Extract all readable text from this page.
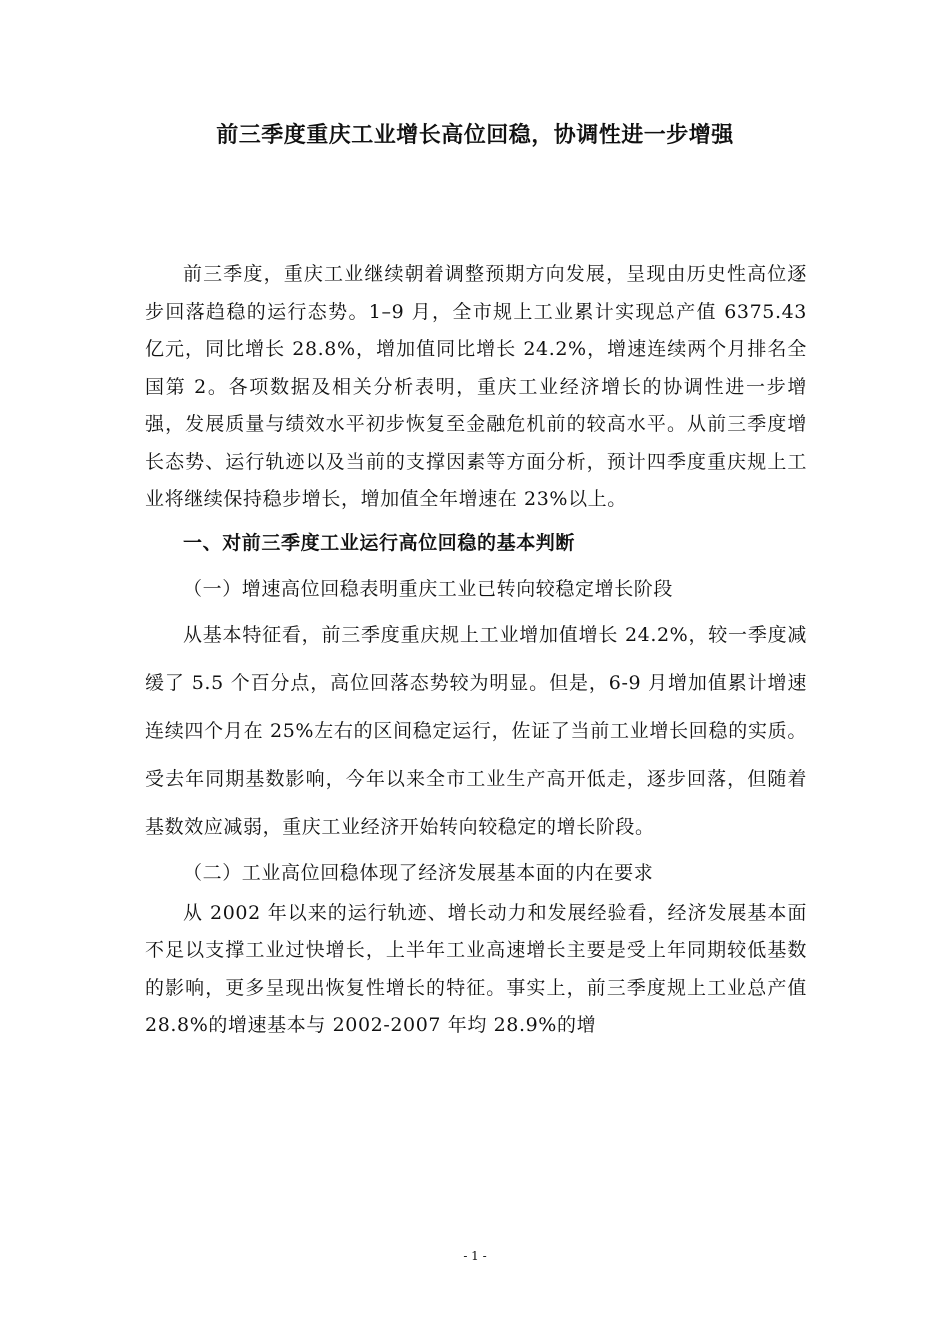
前三季度重庆工业增长高位回稳，协调性进一步增强

前三季度，重庆工业继续朝着调整预期方向发展，呈现由历史性高位逐步回落趋稳的运行态势。1–9 月，全市规上工业累计实现总产值 6375.43 亿元，同比增长 28.8%，增加值同比增长 24.2%，增速连续两个月排名全国第 2。各项数据及相关分析表明，重庆工业经济增长的协调性进一步增强，发展质量与绩效水平初步恢复至金融危机前的较高水平。从前三季度增长态势、运行轨迹以及当前的支撑因素等方面分析，预计四季度重庆规上工业将继续保持稳步增长，增加值全年增速在 23%以上。

一、对前三季度工业运行高位回稳的基本判断

（一）增速高位回稳表明重庆工业已转向较稳定增长阶段

从基本特征看，前三季度重庆规上工业增加值增长 24.2%，较一季度减缓了 5.5 个百分点，高位回落态势较为明显。但是，6-9 月增加值累计增速连续四个月在 25%左右的区间稳定运行，佐证了当前工业增长回稳的实质。受去年同期基数影响，今年以来全市工业生产高开低走，逐步回落，但随着基数效应减弱，重庆工业经济开始转向较稳定的增长阶段。

（二）工业高位回稳体现了经济发展基本面的内在要求

从 2002 年以来的运行轨迹、增长动力和发展经验看，经济发展基本面不足以支撑工业过快增长，上半年工业高速增长主要是受上年同期较低基数的影响，更多呈现出恢复性增长的特征。事实上，前三季度规上工业总产值 28.8%的增速基本与 2002-2007 年均 28.9%的增

- 1 -
